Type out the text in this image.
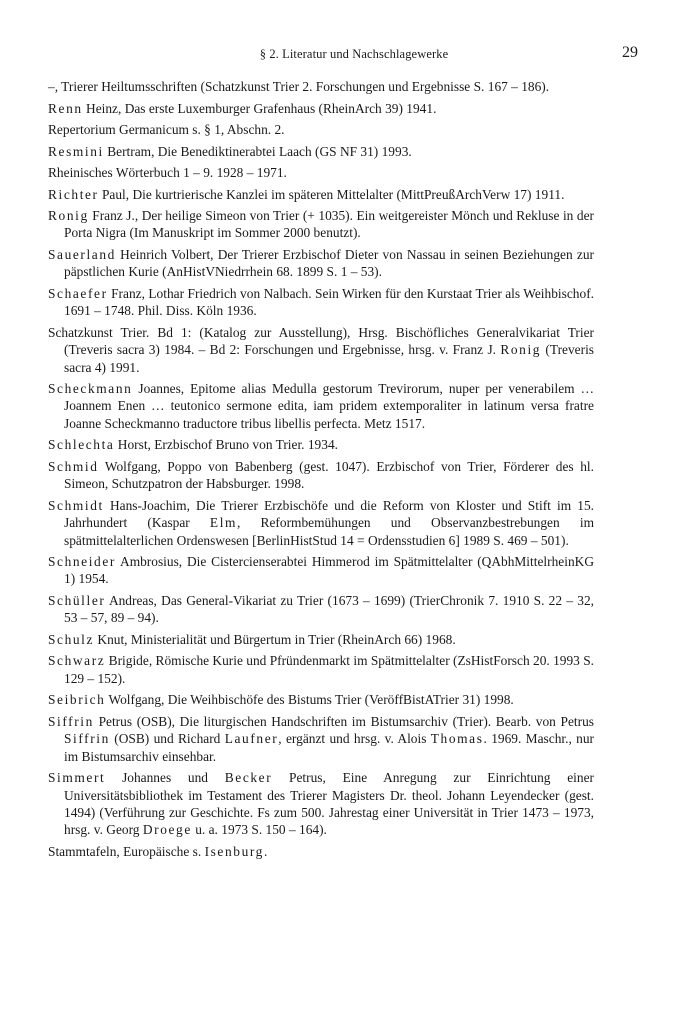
§ 2. Literatur und Nachschlagewerke	29

–, Trierer Heiltumsschriften (Schatzkunst Trier 2. Forschungen und Ergebnisse S. 167 – 186).

Renn Heinz, Das erste Luxemburger Grafenhaus (RheinArch 39) 1941.

Repertorium Germanicum s. § 1, Abschn. 2.

Resmini Bertram, Die Benediktinerabtei Laach (GS NF 31) 1993.

Rheinisches Wörterbuch 1 – 9. 1928 – 1971.

Richter Paul, Die kurtrierische Kanzlei im späteren Mittelalter (MittPreußArchVerw 17) 1911.

Ronig Franz J., Der heilige Simeon von Trier (+ 1035). Ein weitgereister Mönch und Rekluse in der Porta Nigra (Im Manuskript im Sommer 2000 benutzt).

Sauerland Heinrich Volbert, Der Trierer Erzbischof Dieter von Nassau in seinen Beziehungen zur päpstlichen Kurie (AnHistVNiedrrhein 68. 1899 S. 1 – 53).

Schaefer Franz, Lothar Friedrich von Nalbach. Sein Wirken für den Kurstaat Trier als Weihbischof. 1691 – 1748. Phil. Diss. Köln 1936.

Schatzkunst Trier. Bd 1: (Katalog zur Ausstellung), Hrsg. Bischöfliches Generalvikariat Trier (Treveris sacra 3) 1984. – Bd 2: Forschungen und Ergebnisse, hrsg. v. Franz J. Ronig (Treveris sacra 4) 1991.

Scheckmann Joannes, Epitome alias Medulla gestorum Trevirorum, nuper per venerabilem … Joannem Enen … teutonico sermone edita, iam pridem extemporaliter in latinum versa fratre Joanne Scheckmanno traductore tribus libellis perfecta. Metz 1517.

Schlechta Horst, Erzbischof Bruno von Trier. 1934.

Schmid Wolfgang, Poppo von Babenberg (gest. 1047). Erzbischof von Trier, Förderer des hl. Simeon, Schutzpatron der Habsburger. 1998.

Schmidt Hans-Joachim, Die Trierer Erzbischöfe und die Reform von Kloster und Stift im 15. Jahrhundert (Kaspar Elm, Reformbemühungen und Observanzbestrebungen im spätmittelalterlichen Ordenswesen [BerlinHistStud 14 = Ordensstudien 6] 1989 S. 469 – 501).

Schneider Ambrosius, Die Cistercienserabtei Himmerod im Spätmittelalter (QAbhMittelrheinKG 1) 1954.

Schüller Andreas, Das General-Vikariat zu Trier (1673 – 1699) (TrierChronik 7. 1910 S. 22 – 32, 53 – 57, 89 – 94).

Schulz Knut, Ministerialität und Bürgertum in Trier (RheinArch 66) 1968.

Schwarz Brigide, Römische Kurie und Pfründenmarkt im Spätmittelalter (ZsHistForsch 20. 1993 S. 129 – 152).

Seibrich Wolfgang, Die Weihbischöfe des Bistums Trier (VeröffBistATrier 31) 1998.

Siffrin Petrus (OSB), Die liturgischen Handschriften im Bistumsarchiv (Trier). Bearb. von Petrus Siffrin (OSB) und Richard Laufner, ergänzt und hrsg. v. Alois Thomas. 1969. Maschr., nur im Bistumsarchiv einsehbar.

Simmert Johannes und Becker Petrus, Eine Anregung zur Einrichtung einer Universitätsbibliothek im Testament des Trierer Magisters Dr. theol. Johann Leyendecker (gest. 1494) (Verführung zur Geschichte. Fs zum 500. Jahrestag einer Universität in Trier 1473 – 1973, hrsg. v. Georg Droege u. a. 1973 S. 150 – 164).

Stammtafeln, Europäische s. Isenburg.
